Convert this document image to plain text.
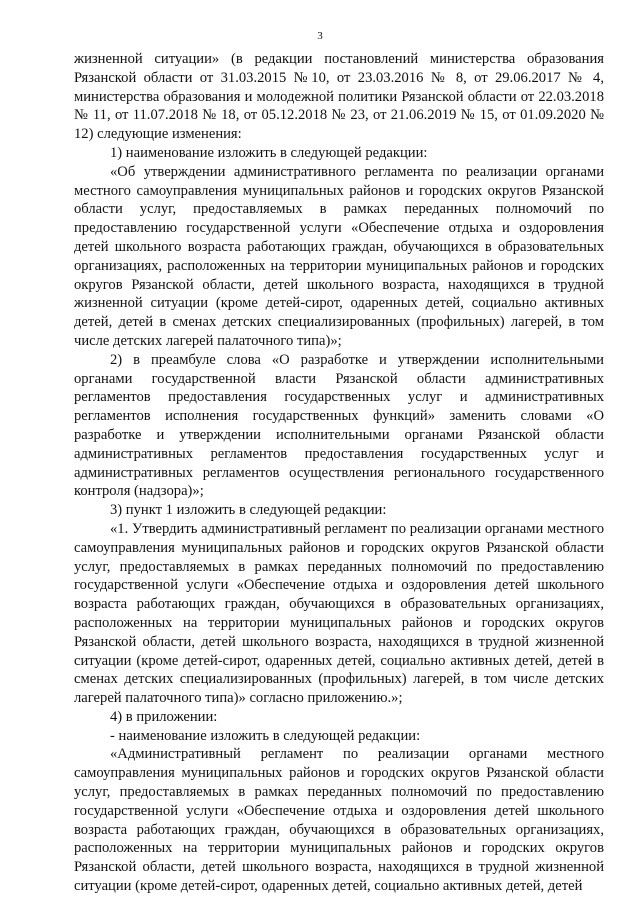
3

жизненной ситуации» (в редакции постановлений министерства образования Рязанской области от 31.03.2015 №10, от 23.03.2016 № 8, от 29.06.2017 № 4, министерства образования и молодежной политики Рязанской области от 22.03.2018 № 11, от 11.07.2018 № 18, от 05.12.2018 № 23, от 21.06.2019 № 15, от 01.09.2020 № 12) следующие изменения:

1) наименование изложить в следующей редакции:

«Об утверждении административного регламента по реализации органами местного самоуправления муниципальных районов и городских округов Рязанской области услуг, предоставляемых в рамках переданных полномочий по предоставлению государственной услуги «Обеспечение отдыха и оздоровления детей школьного возраста работающих граждан, обучающихся в образовательных организациях, расположенных на территории муниципальных районов и городских округов Рязанской области, детей школьного возраста, находящихся в трудной жизненной ситуации (кроме детей-сирот, одаренных детей, социально активных детей, детей в сменах детских специализированных (профильных) лагерей, в том числе детских лагерей палаточного типа)»;

2) в преамбуле слова «О разработке и утверждении исполнительными органами государственной власти Рязанской области административных регламентов предоставления государственных услуг и административных регламентов исполнения государственных функций» заменить словами «О разработке и утверждении исполнительными органами Рязанской области административных регламентов предоставления государственных услуг и административных регламентов осуществления регионального государственного контроля (надзора)»;

3) пункт 1 изложить в следующей редакции:

«1. Утвердить административный регламент по реализации органами местного самоуправления муниципальных районов и городских округов Рязанской области услуг, предоставляемых в рамках переданных полномочий по предоставлению государственной услуги «Обеспечение отдыха и оздоровления детей школьного возраста работающих граждан, обучающихся в образовательных организациях, расположенных на территории муниципальных районов и городских округов Рязанской области, детей школьного возраста, находящихся в трудной жизненной ситуации (кроме детей-сирот, одаренных детей, социально активных детей, детей в сменах детских специализированных (профильных) лагерей, в том числе детских лагерей палаточного типа)» согласно приложению.»;

4) в приложении:

- наименование изложить в следующей редакции:

«Административный регламент по реализации органами местного самоуправления муниципальных районов и городских округов Рязанской области услуг, предоставляемых в рамках переданных полномочий по предоставлению государственной услуги «Обеспечение отдыха и оздоровления детей школьного возраста работающих граждан, обучающихся в образовательных организациях, расположенных на территории муниципальных районов и городских округов Рязанской области, детей школьного возраста, находящихся в трудной жизненной ситуации (кроме детей-сирот, одаренных детей, социально активных детей, детей
